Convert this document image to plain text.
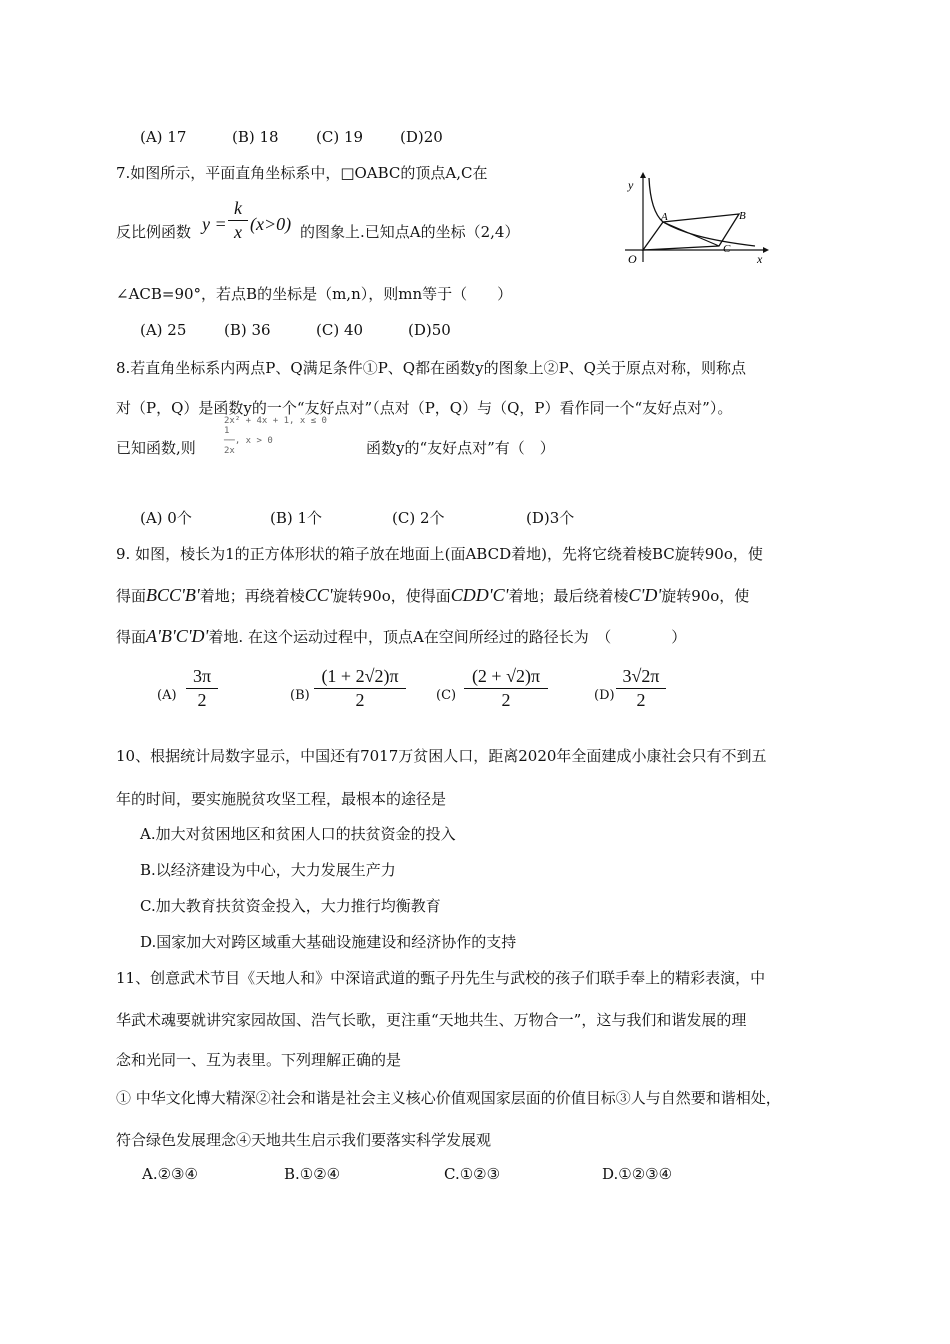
(A) 17	(B) 18 (C) 19 (D)20
7.如图所示，平面直角坐标系中，□OABC的顶点A,C在
反比例函数 $y = \frac{k}{x} (x>0)$ 的图象上.已知点A的坐标（2,4）
∠ACB=90°，若点B的坐标是（m,n），则mn等于（　　）
(A) 25	(B) 36	(C) 40	(D)50
y
x
O
A	B
C
8.若直角坐标系内两点P、Q满足条件①P、Q都在函数y的图象上②P、Q关于原点对称，则称点
对（P，Q）是函数y的一个“友好点对”（点对（P，Q）与（Q，P）看作同一个“友好点对”）。
已知函数,则
2x² + 4x + 1, x ≤ 0
1
──, x > 0
2x	函数y的“友好点对”有（　）
(A) 0个	(B) 1个	(C) 2个	(D)3个
9. 如图，棱长为1的正方体形状的箱子放在地面上(面ABCD着地)，先将它绕着棱BC旋转90o，使
得面BCC'B'着地；再绕着棱CC'旋转90o，使得面CDD'C'着地；最后绕着棱C'D'旋转90o，使
得面A'B'C'D'着地. 在这个运动过程中，顶点A在空间所经过的路径长为　（　　　　）
$(A) \frac{3\pi}{2}$	$(B) \frac{(1 + 2√2)\pi}{2} (C) \frac{(2 + √2)\pi}{2}$	$(D) \frac{3√2\pi}{2}$
10、根据统计局数字显示，中国还有7017万贫困人口，距离2020年全面建成小康社会只有不到五
年的时间，要实施脱贫攻坚工程，最根本的途径是
A.加大对贫困地区和贫困人口的扶贫资金的投入
B.以经济建设为中心，大力发展生产力
C.加大教育扶贫资金投入，大力推行均衡教育
D.国家加大对跨区域重大基础设施建设和经济协作的支持
11、创意武术节目《天地人和》中深谙武道的甄子丹先生与武校的孩子们联手奉上的精彩表演，中
华武术魂要就讲究家园故国、浩气长歌，更注重“天地共生、万物合一”，这与我们和谐发展的理
念和光同一、互为表里。下列理解正确的是
① 中华文化博大精深②社会和谐是社会主义核心价值观国家层面的价值目标③人与自然要和谐相处，
符合绿色发展理念④天地共生启示我们要落实科学发展观
A.②③④	B.①②④	C.①②③	D.①②③④
